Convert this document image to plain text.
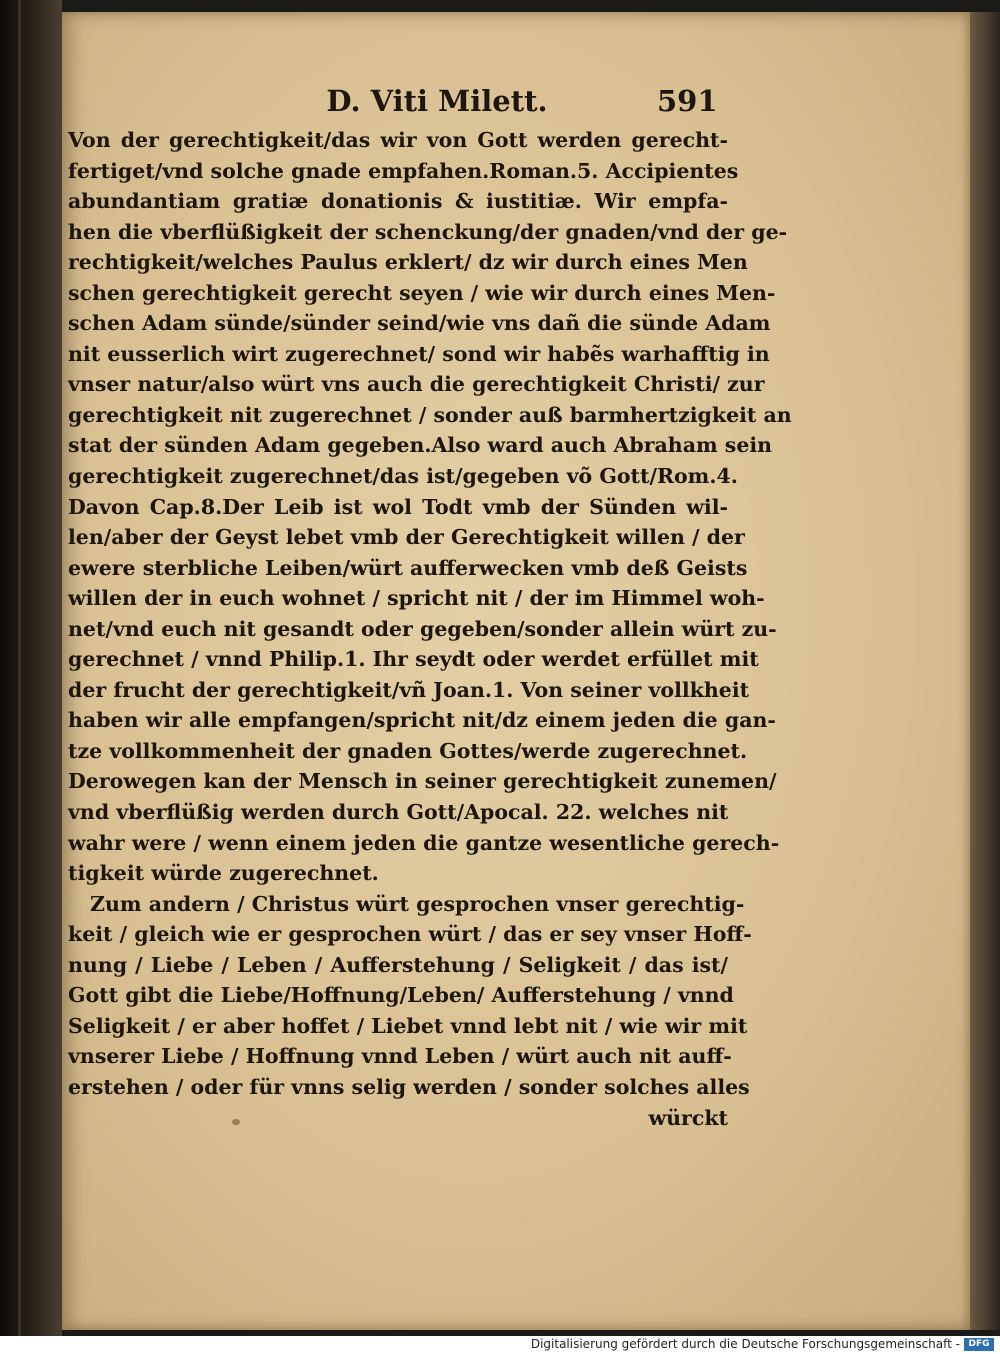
D. Viti Milett.	591
Von der gerechtigkeit/das wir von Gott werden gerecht-
fertiget/vnd solche gnade empfahen.Roman.5. Accipientes
abundantiam gratiæ donationis & iustitiæ. Wir empfa-
hen die vberflüßigkeit der schenckung/der gnaden/vnd der ge-
rechtigkeit/welches Paulus erklert/ dz wir durch eines Men
schen gerechtigkeit gerecht seyen / wie wir durch eines Men-
schen Adam sünde/sünder seind/wie vns dañ die sünde Adam
nit eusserlich wirt zugerechnet/ sond wir habẽs warhafftig in
vnser natur/also würt vns auch die gerechtigkeit Christi/ zur
gerechtigkeit nit zugerechnet / sonder auß barmhertzigkeit an
stat der sünden Adam gegeben.Also ward auch Abraham sein
gerechtigkeit zugerechnet/das ist/gegeben võ Gott/Rom.4.
Davon Cap.8.Der Leib ist wol Todt vmb der Sünden wil-
len/aber der Geyst lebet vmb der Gerechtigkeit willen / der
ewere sterbliche Leiben/würt aufferwecken vmb deß Geists
willen der in euch wohnet / spricht nit / der im Himmel woh-
net/vnd euch nit gesandt oder gegeben/sonder allein würt zu-
gerechnet / vnnd Philip.1. Ihr seydt oder werdet erfüllet mit
der frucht der gerechtigkeit/vñ Joan.1. Von seiner vollkheit
haben wir alle empfangen/spricht nit/dz einem jeden die gan-
tze vollkommenheit der gnaden Gottes/werde zugerechnet.
Derowegen kan der Mensch in seiner gerechtigkeit zunemen/
vnd vberflüßig werden durch Gott/Apocal. 22. welches nit
wahr were / wenn einem jeden die gantze wesentliche gerech-
tigkeit würde zugerechnet.
Zum andern / Christus würt gesprochen vnser gerechtig-
keit / gleich wie er gesprochen würt / das er sey vnser Hoff-
nung / Liebe / Leben / Aufferstehung / Seligkeit / das ist/
Gott gibt die Liebe/Hoffnung/Leben/ Aufferstehung / vnnd
Seligkeit / er aber hoffet / Liebet vnnd lebt nit / wie wir mit
vnserer Liebe / Hoffnung vnnd Leben / würt auch nit auff-
erstehen / oder für vnns selig werden / sonder solches alles
würckt
Digitalisierung gefördert durch die Deutsche Forschungsgemeinschaft - DFG
